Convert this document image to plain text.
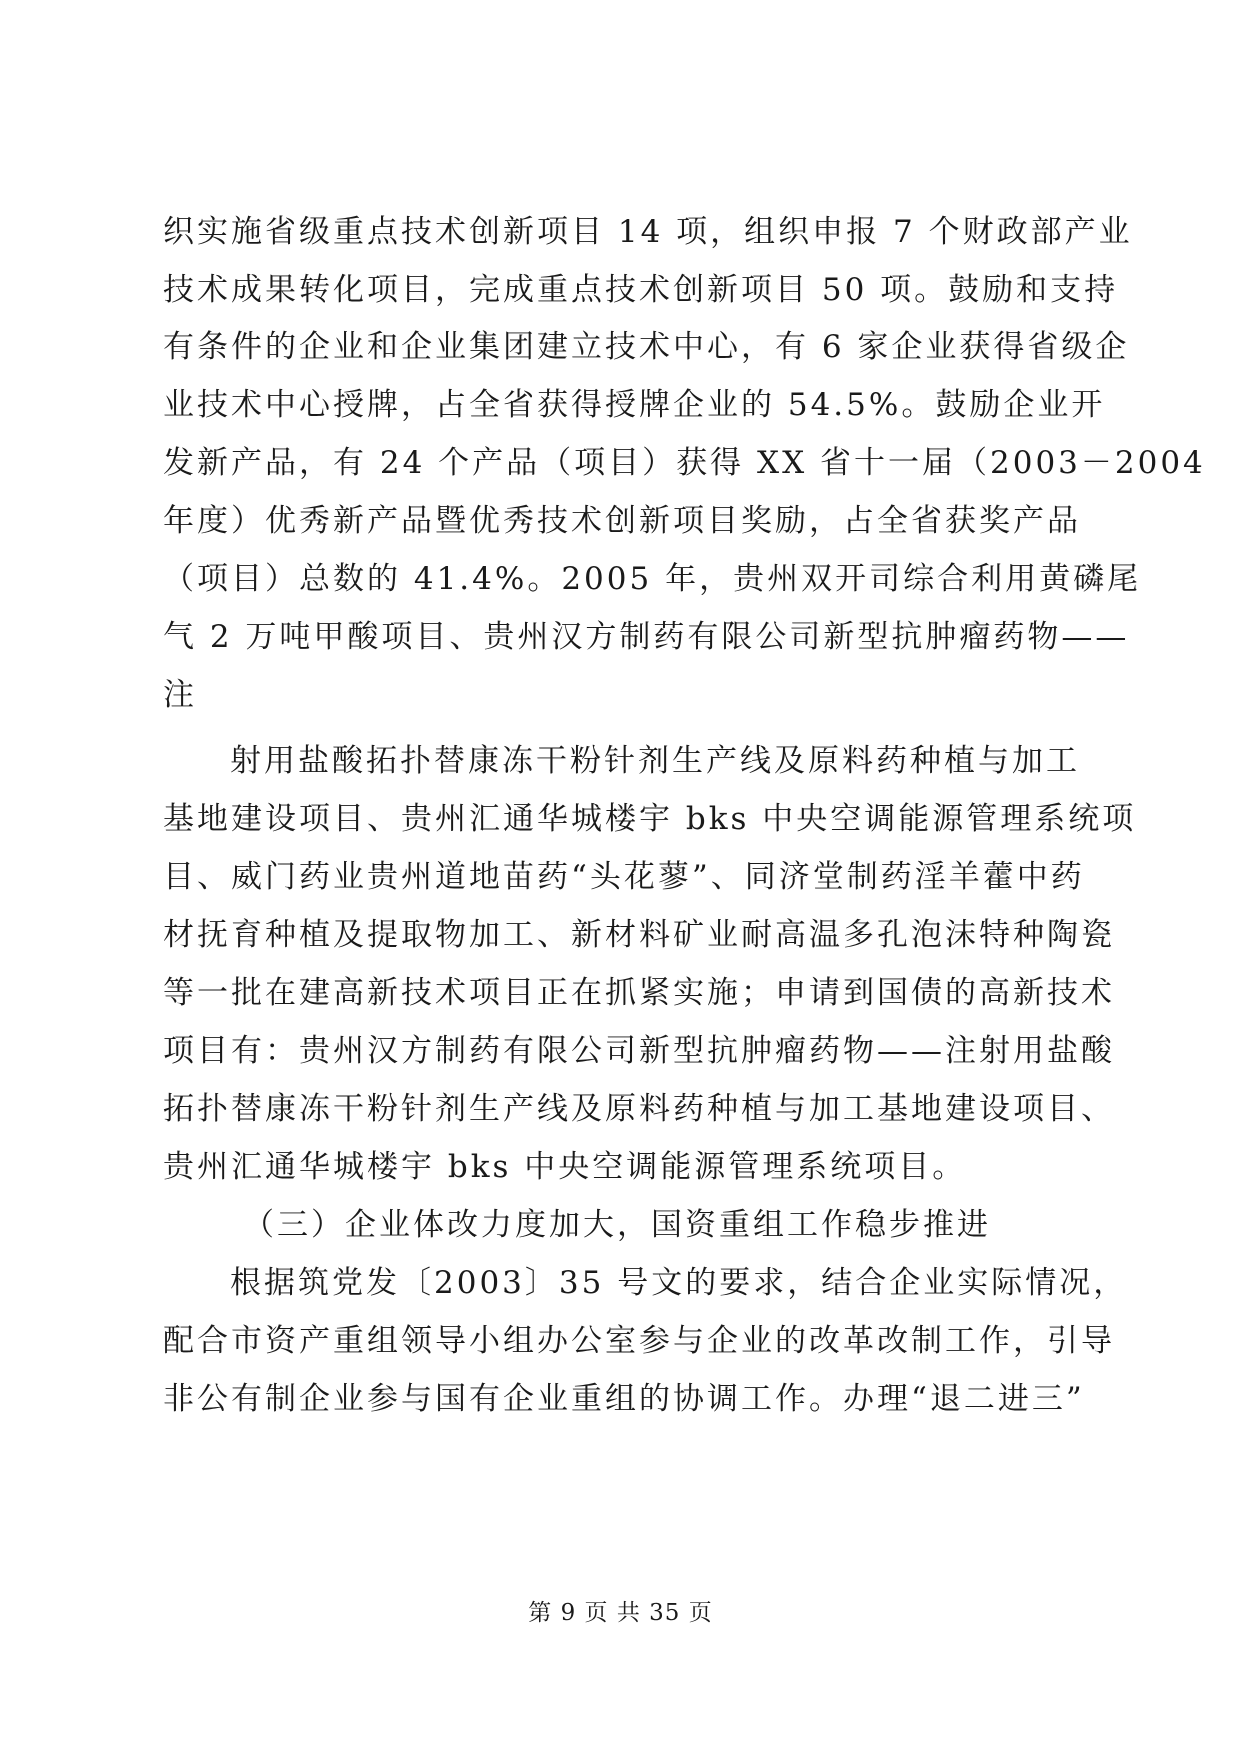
织实施省级重点技术创新项目 14 项，组织申报 7 个财政部产业
技术成果转化项目，完成重点技术创新项目 50 项。鼓励和支持
有条件的企业和企业集团建立技术中心，有 6 家企业获得省级企
业技术中心授牌，占全省获得授牌企业的 54.5%。鼓励企业开
发新产品，有 24 个产品（项目）获得 XX 省十一届（2003－2004
年度）优秀新产品暨优秀技术创新项目奖励，占全省获奖产品
（项目）总数的 41.4%。2005 年，贵州双开司综合利用黄磷尾
气 2 万吨甲酸项目、贵州汉方制药有限公司新型抗肿瘤药物——
注
射用盐酸拓扑替康冻干粉针剂生产线及原料药种植与加工
基地建设项目、贵州汇通华城楼宇 bks 中央空调能源管理系统项
目、威门药业贵州道地苗药“头花蓼”、同济堂制药淫羊藿中药
材抚育种植及提取物加工、新材料矿业耐高温多孔泡沫特种陶瓷
等一批在建高新技术项目正在抓紧实施；申请到国债的高新技术
项目有：贵州汉方制药有限公司新型抗肿瘤药物——注射用盐酸
拓扑替康冻干粉针剂生产线及原料药种植与加工基地建设项目、
贵州汇通华城楼宇 bks 中央空调能源管理系统项目。
（三）企业体改力度加大，国资重组工作稳步推进
根据筑党发〔2003〕35 号文的要求，结合企业实际情况，
配合市资产重组领导小组办公室参与企业的改革改制工作，引导
非公有制企业参与国有企业重组的协调工作。办理“退二进三”
第 9 页 共 35 页
